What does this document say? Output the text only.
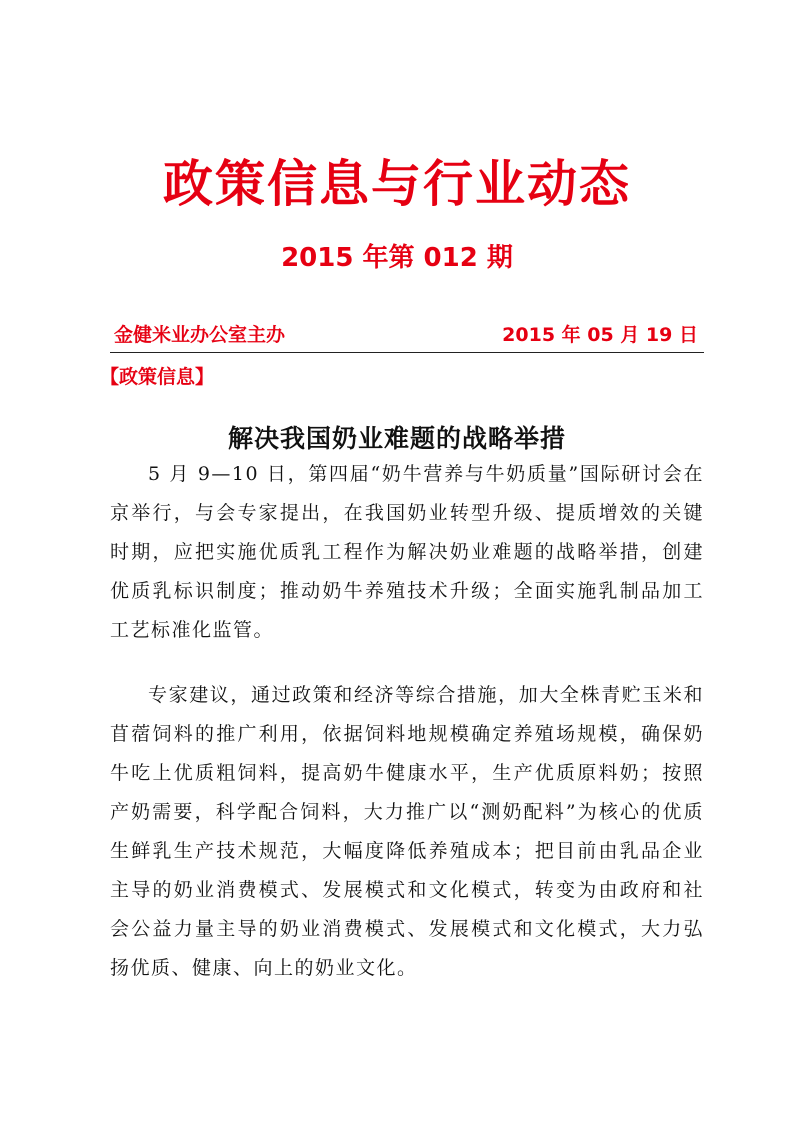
政策信息与行业动态
2015 年第 012 期
金健米业办公室主办	2015 年 05 月 19 日
【政策信息】
解决我国奶业难题的战略举措

5 月 9—10 日，第四届“奶牛营养与牛奶质量”国际研讨会在京举行，与会专家提出，在我国奶业转型升级、提质增效的关键时期，应把实施优质乳工程作为解决奶业难题的战略举措，创建优质乳标识制度；推动奶牛养殖技术升级；全面实施乳制品加工工艺标准化监管。

专家建议，通过政策和经济等综合措施，加大全株青贮玉米和苜蓿饲料的推广利用，依据饲料地规模确定养殖场规模，确保奶牛吃上优质粗饲料，提高奶牛健康水平，生产优质原料奶；按照产奶需要，科学配合饲料，大力推广以“测奶配料”为核心的优质生鲜乳生产技术规范，大幅度降低养殖成本；把目前由乳品企业主导的奶业消费模式、发展模式和文化模式，转变为由政府和社会公益力量主导的奶业消费模式、发展模式和文化模式，大力弘扬优质、健康、向上的奶业文化。
